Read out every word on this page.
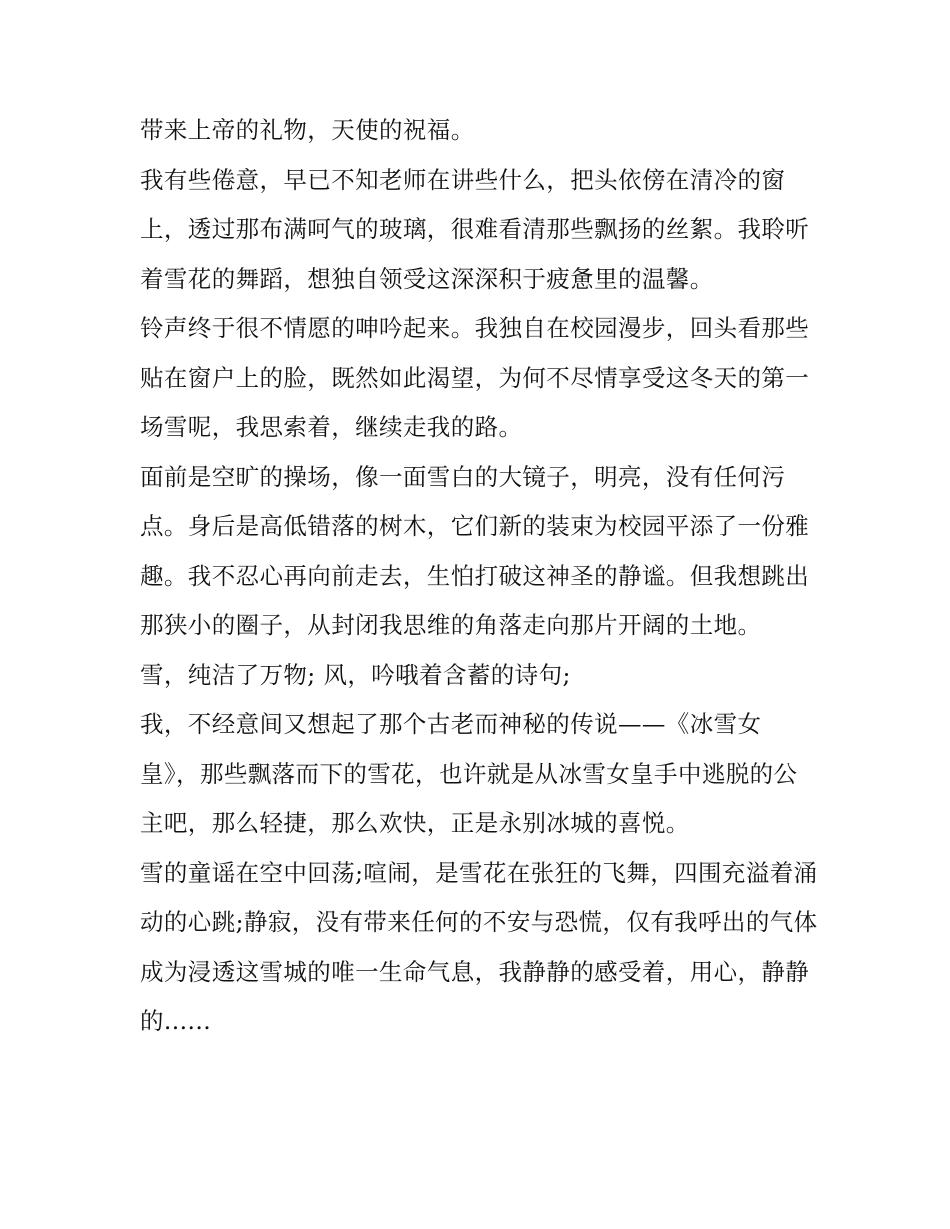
带来上帝的礼物，天使的祝福。

我有些倦意，早已不知老师在讲些什么，把头依傍在清冷的窗上，透过那布满呵气的玻璃，很难看清那些飘扬的丝絮。我聆听着雪花的舞蹈，想独自领受这深深积于疲惫里的温馨。

铃声终于很不情愿的呻吟起来。我独自在校园漫步，回头看那些贴在窗户上的脸，既然如此渴望，为何不尽情享受这冬天的第一场雪呢，我思索着，继续走我的路。

面前是空旷的操场，像一面雪白的大镜子，明亮，没有任何污点。身后是高低错落的树木，它们新的装束为校园平添了一份雅趣。我不忍心再向前走去，生怕打破这神圣的静谧。但我想跳出那狭小的圈子，从封闭我思维的角落走向那片开阔的土地。

雪，纯洁了万物; 风，吟哦着含蓄的诗句;

我，不经意间又想起了那个古老而神秘的传说——《冰雪女皇》，那些飘落而下的雪花，也许就是从冰雪女皇手中逃脱的公主吧，那么轻捷，那么欢快，正是永别冰城的喜悦。

雪的童谣在空中回荡;喧闹，是雪花在张狂的飞舞，四围充溢着涌动的心跳;静寂，没有带来任何的不安与恐慌，仅有我呼出的气体成为浸透这雪城的唯一生命气息，我静静的感受着，用心，静静的......
